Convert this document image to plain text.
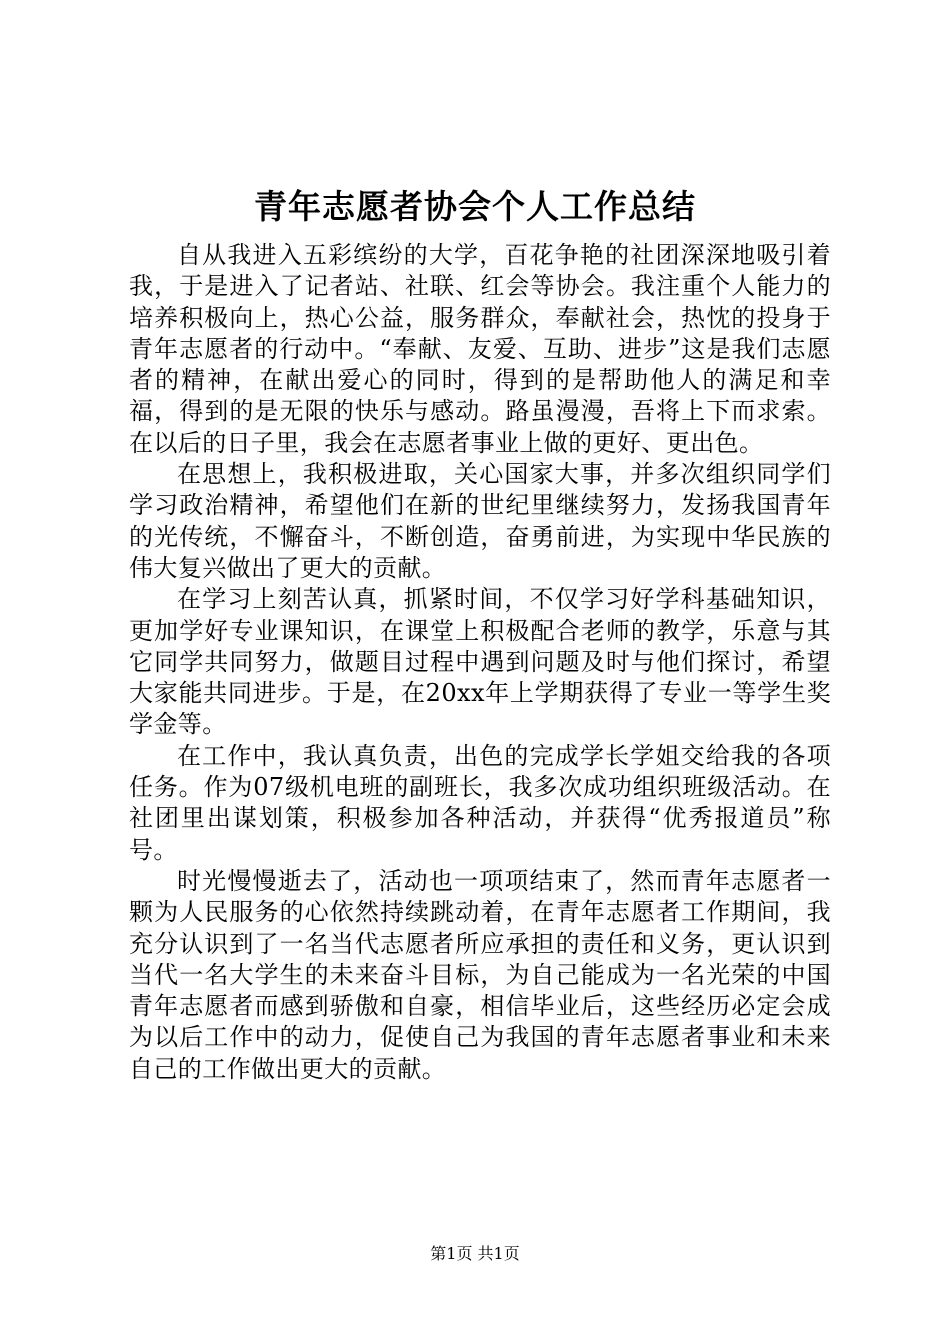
青年志愿者协会个人工作总结

自从我进入五彩缤纷的大学，百花争艳的社团深深地吸引着我，于是进入了记者站、社联、红会等协会。我注重个人能力的培养积极向上，热心公益，服务群众，奉献社会，热忱的投身于青年志愿者的行动中。“奉献、友爱、互助、进步”这是我们志愿者的精神，在献出爱心的同时，得到的是帮助他人的满足和幸福，得到的是无限的快乐与感动。路虽漫漫，吾将上下而求索。在以后的日子里，我会在志愿者事业上做的更好、更出色。

在思想上，我积极进取，关心国家大事，并多次组织同学们学习政治精神，希望他们在新的世纪里继续努力，发扬我国青年的光传统，不懈奋斗，不断创造，奋勇前进，为实现中华民族的伟大复兴做出了更大的贡献。

在学习上刻苦认真，抓紧时间，不仅学习好学科基础知识，更加学好专业课知识，在课堂上积极配合老师的教学，乐意与其它同学共同努力，做题目过程中遇到问题及时与他们探讨，希望大家能共同进步。于是，在20xx年上学期获得了专业一等学生奖学金等。

在工作中，我认真负责，出色的完成学长学姐交给我的各项任务。作为07级机电班的副班长，我多次成功组织班级活动。在社团里出谋划策，积极参加各种活动，并获得“优秀报道员”称号。

时光慢慢逝去了，活动也一项项结束了，然而青年志愿者一颗为人民服务的心依然持续跳动着，在青年志愿者工作期间，我充分认识到了一名当代志愿者所应承担的责任和义务，更认识到当代一名大学生的未来奋斗目标，为自己能成为一名光荣的中国青年志愿者而感到骄傲和自豪，相信毕业后，这些经历必定会成为以后工作中的动力，促使自己为我国的青年志愿者事业和未来自己的工作做出更大的贡献。

第1页 共1页
